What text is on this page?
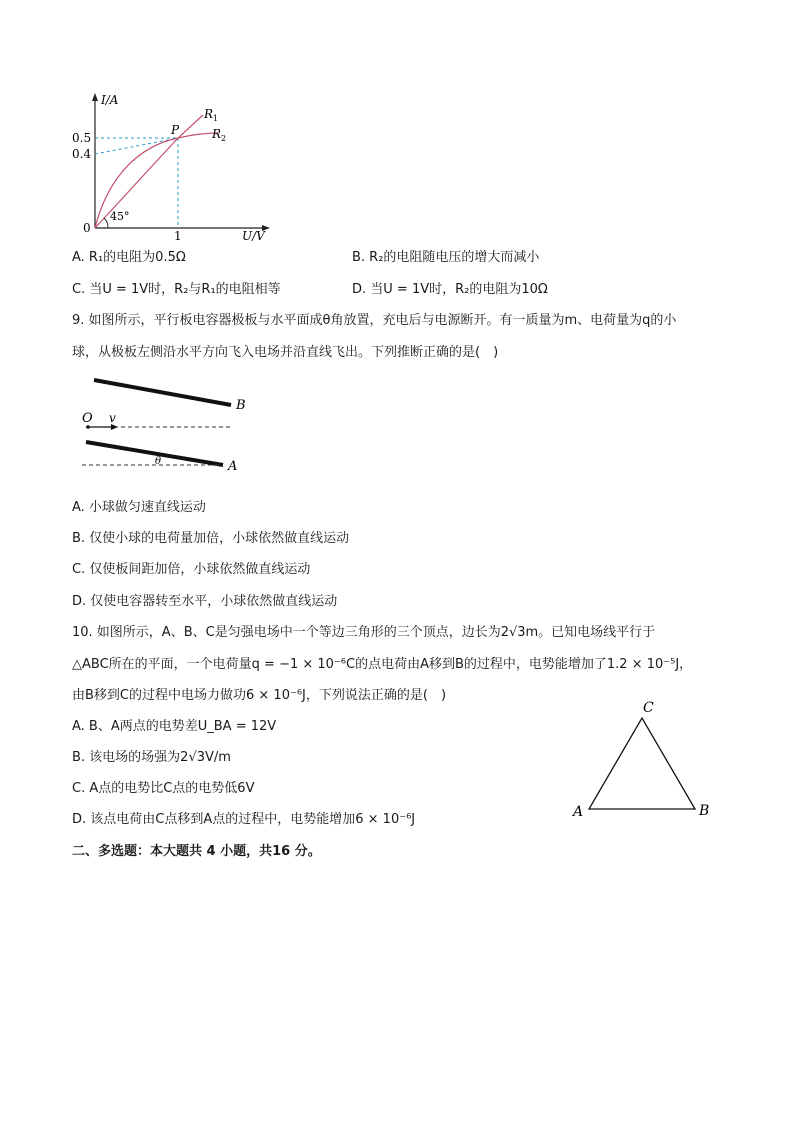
I/A
U/V
0
0.5
0.4
1
45°
P
$R_1$
$R_2$
A. R₁的电阻为0.5Ω	B. R₂的电阻随电压的增大而减小
C. 当U = 1V时，R₂与R₁的电阻相等	D. 当U = 1V时，R₂的电阻为10Ω
9. 如图所示，平行板电容器极板与水平面成θ角放置，充电后与电源断开。有一质量为m、电荷量为q的小
球，从极板左侧沿水平方向飞入电场并沿直线飞出。下列推断正确的是(　)
O v
B
A
θ
A. 小球做匀速直线运动
B. 仅使小球的电荷量加倍，小球依然做直线运动
C. 仅使板间距加倍，小球依然做直线运动
D. 仅使电容器转至水平，小球依然做直线运动
10. 如图所示，A、B、C是匀强电场中一个等边三角形的三个顶点，边长为2√3m。已知电场线平行于
△ABC所在的平面，一个电荷量q = −1 × 10⁻⁶C的点电荷由A移到B的过程中，电势能增加了1.2 × 10⁻⁵J，
由B移到C的过程中电场力做功6 × 10⁻⁶J，下列说法正确的是(　)
A. B、A两点的电势差U_BA = 12V
B. 该电场的场强为2√3V/m
C. A点的电势比C点的电势低6V
D. 该点电荷由C点移到A点的过程中，电势能增加6 × 10⁻⁶J
C
A	B
二、多选题：本大题共 4 小题，共16 分。
